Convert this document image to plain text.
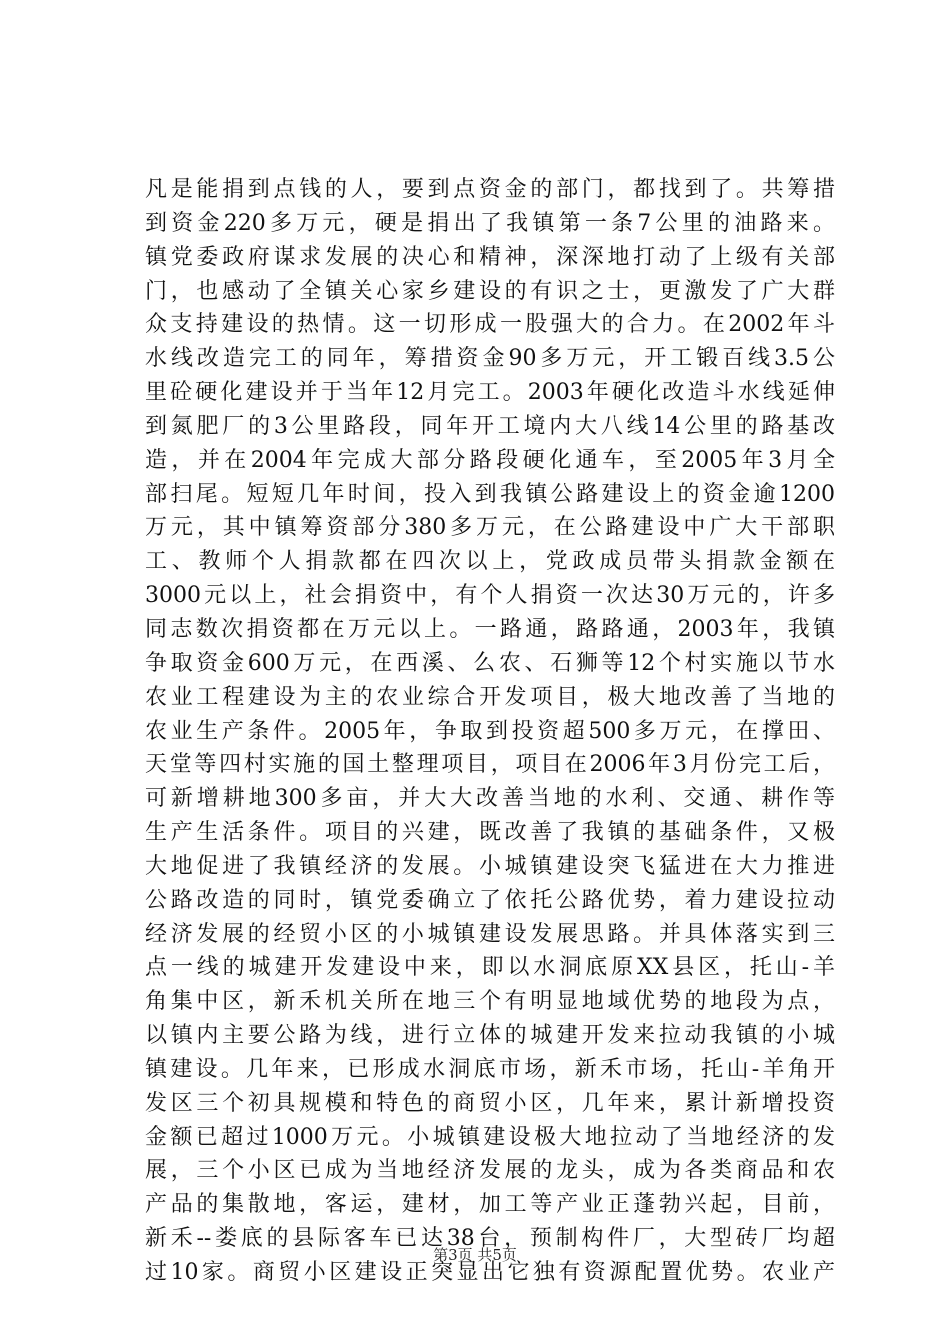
凡是能捐到点钱的人，要到点资金的部门，都找到了。共筹措
到资金220多万元，硬是捐出了我镇第一条7公里的油路来。
镇党委政府谋求发展的决心和精神，深深地打动了上级有关部
门，也感动了全镇关心家乡建设的有识之士，更激发了广大群
众支持建设的热情。这一切形成一股强大的合力。在2002年斗
水线改造完工的同年，筹措资金90多万元，开工锻百线3.5公
里砼硬化建设并于当年12月完工。2003年硬化改造斗水线延伸
到氮肥厂的3公里路段，同年开工境内大八线14公里的路基改
造，并在2004年完成大部分路段硬化通车，至2005年3月全
部扫尾。短短几年时间，投入到我镇公路建设上的资金逾1200
万元，其中镇筹资部分380多万元，在公路建设中广大干部职
工、教师个人捐款都在四次以上，党政成员带头捐款金额在
3000元以上，社会捐资中，有个人捐资一次达30万元的，许多
同志数次捐资都在万元以上。一路通，路路通，2003年，我镇
争取资金600万元，在西溪、么农、石狮等12个村实施以节水
农业工程建设为主的农业综合开发项目，极大地改善了当地的
农业生产条件。2005年，争取到投资超500多万元，在撑田、
天堂等四村实施的国土整理项目，项目在2006年3月份完工后，
可新增耕地300多亩，并大大改善当地的水利、交通、耕作等
生产生活条件。项目的兴建，既改善了我镇的基础条件，又极
大地促进了我镇经济的发展。小城镇建设突飞猛进在大力推进
公路改造的同时，镇党委确立了依托公路优势，着力建设拉动
经济发展的经贸小区的小城镇建设发展思路。并具体落实到三
点一线的城建开发建设中来，即以水洞底原XX县区，托山-羊
角集中区，新禾机关所在地三个有明显地域优势的地段为点，
以镇内主要公路为线，进行立体的城建开发来拉动我镇的小城
镇建设。几年来，已形成水洞底市场，新禾市场，托山-羊角开
发区三个初具规模和特色的商贸小区，几年来，累计新增投资
金额已超过1000万元。小城镇建设极大地拉动了当地经济的发
展，三个小区已成为当地经济发展的龙头，成为各类商品和农
产品的集散地，客运，建材，加工等产业正蓬勃兴起，目前，
新禾--娄底的县际客车已达38台，预制构件厂，大型砖厂均超
过10家。商贸小区建设正突显出它独有资源配置优势。农业产
第3页 共5页
